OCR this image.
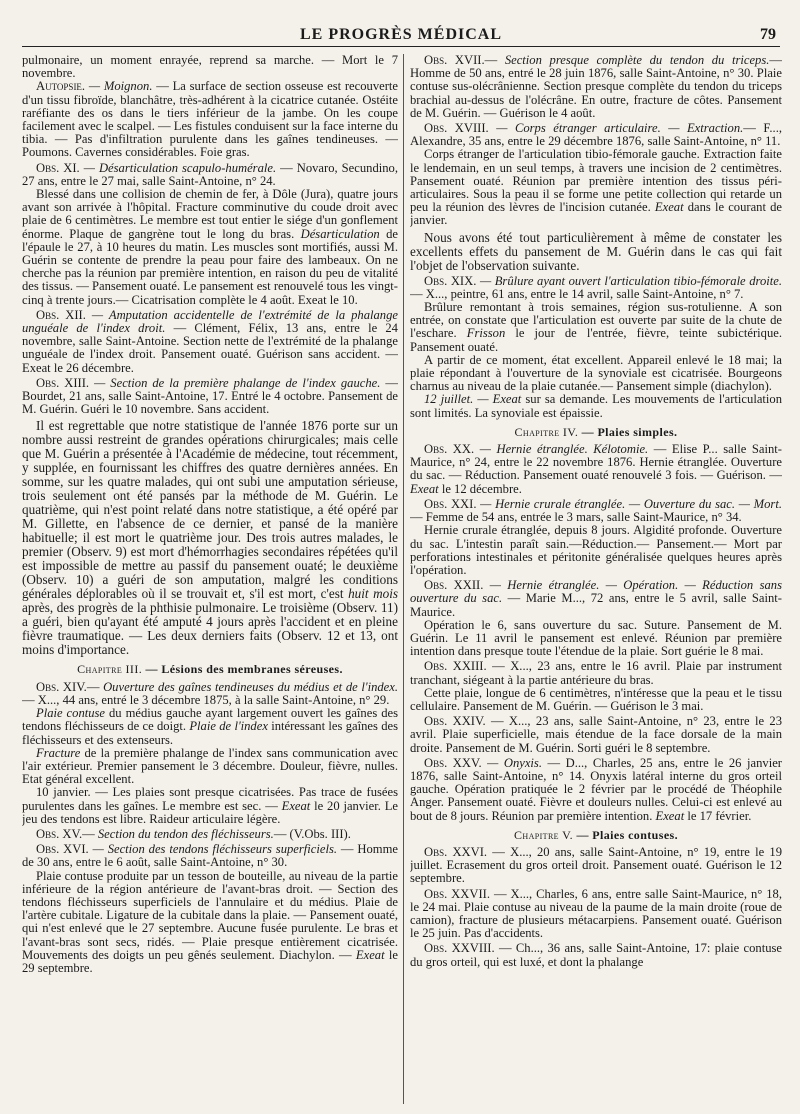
LE PROGRÈS MÉDICAL	79

pulmonaire, un moment enrayée, reprend sa marche. — Mort le 7 novembre.

Autopsie. — Moignon. — La surface de section osseuse est recouverte d'un tissu fibroïde, blanchâtre, très-adhérent à la cicatrice cutanée. Ostéite raréfiante des os dans le tiers inférieur de la jambe. On les coupe facilement avec le scalpel. — Les fistules conduisent sur la face interne du tibia. — Pas d'infiltration purulente dans les gaînes tendineuses. — Poumons. Cavernes considérables. Foie gras.

Obs. XI. — Désarticulation scapulo-humérale. — Novaro, Secundino, 27 ans, entre le 27 mai, salle Saint-Antoine, n° 24.

Blessé dans une collision de chemin de fer, à Dôle (Jura), quatre jours avant son arrivée à l'hôpital. Fracture comminutive du coude droit avec plaie de 6 centimètres. Le membre est tout entier le siége d'un gonflement énorme. Plaque de gangrène tout le long du bras. Désarticulation de l'épaule le 27, à 10 heures du matin. Les muscles sont mortifiés, aussi M. Guérin se contente de prendre la peau pour faire des lambeaux. On ne cherche pas la réunion par première intention, en raison du peu de vitalité des tissus. — Pansement ouaté. Le pansement est renouvelé tous les vingt-cinq à trente jours.— Cicatrisation complète le 4 août. Exeat le 10.

Obs. XII. — Amputation accidentelle de l'extrémité de la phalange unguéale de l'index droit. — Clément, Félix, 13 ans, entre le 24 novembre, salle Saint-Antoine. Section nette de l'extrémité de la phalange unguéale de l'index droit. Pansement ouaté. Guérison sans accident. — Exeat le 26 décembre.

Obs. XIII. — Section de la première phalange de l'index gauche. —Bourdet, 21 ans, salle Saint-Antoine, 17. Entré le 4 octobre. Pansement de M. Guérin. Guéri le 10 novembre. Sans accident.

Il est regrettable que notre statistique de l'année 1876 porte sur un nombre aussi restreint de grandes opérations chirurgicales; mais celle que M. Guérin a présentée à l'Académie de médecine, tout récemment, y supplée, en fournissant les chiffres des quatre dernières années. En somme, sur les quatre malades, qui ont subi une amputation sérieuse, trois seulement ont été pansés par la méthode de M. Guérin. Le quatrième, qui n'est point relaté dans notre statistique, a été opéré par M. Gillette, en l'absence de ce dernier, et pansé de la manière habituelle; il est mort le quatrième jour. Des trois autres malades, le premier (Observ. 9) est mort d'hémorrhagies secondaires répétées qu'il est impossible de mettre au passif du pansement ouaté; le deuxième (Observ. 10) a guéri de son amputation, malgré les conditions générales déplorables où il se trouvait et, s'il est mort, c'est huit mois après, des progrès de la phthisie pulmonaire. Le troisième (Observ. 11) a guéri, bien qu'ayant été amputé 4 jours après l'accident et en pleine fièvre traumatique. — Les deux derniers faits (Observ. 12 et 13, ont moins d'importance.

Chapitre III. — Lésions des membranes séreuses.

Obs. XIV.— Ouverture des gaînes tendineuses du médius et de l'index. — X..., 44 ans, entré le 3 décembre 1875, à la salle Saint-Antoine, n° 29.

Plaie contuse du médius gauche ayant largement ouvert les gaînes des tendons fléchisseurs de ce doigt. Plaie de l'index intéressant les gaînes des fléchisseurs et des extenseurs.

Fracture de la première phalange de l'index sans communication avec l'air extérieur. Premier pansement le 3 décembre. Douleur, fièvre, nulles. Etat général excellent.

10 janvier. — Les plaies sont presque cicatrisées. Pas trace de fusées purulentes dans les gaînes. Le membre est sec. — Exeat le 20 janvier. Le jeu des tendons est libre. Raideur articulaire légère.

Obs. XV.— Section du tendon des fléchisseurs.— (V.Obs. III).

Obs. XVI. — Section des tendons fléchisseurs superficiels. — Homme de 30 ans, entre le 6 août, salle Saint-Antoine, n° 30.

Plaie contuse produite par un tesson de bouteille, au niveau de la partie inférieure de la région antérieure de l'avant-bras droit. — Section des tendons fléchisseurs superficiels de l'annulaire et du médius. Plaie de l'artère cubitale. Ligature de la cubitale dans la plaie. — Pansement ouaté, qui n'est enlevé que le 27 septembre. Aucune fusée purulente. Le bras et l'avant-bras sont secs, ridés. — Plaie presque entièrement cicatrisée. Mouvements des doigts un peu gênés seulement. Diachylon. — Exeat le 29 septembre.

Obs. XVII.— Section presque complète du tendon du triceps.— Homme de 50 ans, entré le 28 juin 1876, salle Saint-Antoine, n° 30. Plaie contuse sus-olécrânienne. Section presque complète du tendon du triceps brachial au-dessus de l'olécrâne. En outre, fracture de côtes. Pansement de M. Guérin. — Guérison le 4 août.

Obs. XVIII. — Corps étranger articulaire. — Extraction.— F..., Alexandre, 35 ans, entre le 29 décembre 1876, salle Saint-Antoine, n° 11.

Corps étranger de l'articulation tibio-fémorale gauche. Extraction faite le lendemain, en un seul temps, à travers une incision de 2 centimètres. Pansement ouaté. Réunion par première intention des tissus péri-articulaires. Sous la peau il se forme une petite collection qui retarde un peu la réunion des lèvres de l'incision cutanée. Exeat dans le courant de janvier.

Nous avons été tout particulièrement à même de constater les excellents effets du pansement de M. Guérin dans le cas qui fait l'objet de l'observation suivante.

Obs. XIX. — Brûlure ayant ouvert l'articulation tibio-fémorale droite. — X..., peintre, 61 ans, entre le 14 avril, salle Saint-Antoine, n° 7.

Brûlure remontant à trois semaines, région sus-rotulienne. A son entrée, on constate que l'articulation est ouverte par suite de la chute de l'eschare. Frisson le jour de l'entrée, fièvre, teinte subictérique. Pansement ouaté.

A partir de ce moment, état excellent. Appareil enlevé le 18 mai; la plaie répondant à l'ouverture de la synoviale est cicatrisée. Bourgeons charnus au niveau de la plaie cutanée.— Pansement simple (diachylon).

12 juillet. — Exeat sur sa demande. Les mouvements de l'articulation sont limités. La synoviale est épaissie.

Chapitre IV. — Plaies simples.

Obs. XX. — Hernie étranglée. Kélotomie. — Elise P... salle Saint-Maurice, n° 24, entre le 22 novembre 1876. Hernie étranglée. Ouverture du sac. — Réduction. Pansement ouaté renouvelé 3 fois. — Guérison. — Exeat le 12 décembre.

Obs. XXI. — Hernie crurale étranglée. — Ouverture du sac. — Mort. — Femme de 54 ans, entrée le 3 mars, salle Saint-Maurice, n° 34.

Hernie crurale étranglée, depuis 8 jours. Algidité profonde. Ouverture du sac. L'intestin paraît sain.—Réduction.— Pansement.— Mort par perforations intestinales et péritonite généralisée quelques heures après l'opération.

Obs. XXII. — Hernie étranglée. — Opération. — Réduction sans ouverture du sac. — Marie M..., 72 ans, entre le 5 avril, salle Saint-Maurice.

Opération le 6, sans ouverture du sac. Suture. Pansement de M. Guérin. Le 11 avril le pansement est enlevé. Réunion par première intention dans presque toute l'étendue de la plaie. Sort guérie le 8 mai.

Obs. XXIII. — X..., 23 ans, entre le 16 avril. Plaie par instrument tranchant, siégeant à la partie antérieure du bras.

Cette plaie, longue de 6 centimètres, n'intéresse que la peau et le tissu cellulaire. Pansement de M. Guérin. — Guérison le 3 mai.

Obs. XXIV. — X..., 23 ans, salle Saint-Antoine, n° 23, entre le 23 avril. Plaie superficielle, mais étendue de la face dorsale de la main droite. Pansement de M. Guérin. Sorti guéri le 8 septembre.

Obs. XXV. — Onyxis. — D..., Charles, 25 ans, entre le 26 janvier 1876, salle Saint-Antoine, n° 14. Onyxis latéral interne du gros orteil gauche. Opération pratiquée le 2 février par le procédé de Théophile Anger. Pansement ouaté. Fièvre et douleurs nulles. Celui-ci est enlevé au bout de 8 jours. Réunion par première intention. Exeat le 17 février.

Chapitre V. — Plaies contuses.

Obs. XXVI. — X..., 20 ans, salle Saint-Antoine, n° 19, entre le 19 juillet. Ecrasement du gros orteil droit. Pansement ouaté. Guérison le 12 septembre.

Obs. XXVII. — X..., Charles, 6 ans, entre salle Saint-Maurice, n° 18, le 24 mai. Plaie contuse au niveau de la paume de la main droite (roue de camion), fracture de plusieurs métacarpiens. Pansement ouaté. Guérison le 25 juin. Pas d'accidents.

Obs. XXVIII. — Ch..., 36 ans, salle Saint-Antoine, 17: plaie contuse du gros orteil, qui est luxé, et dont la phalange
